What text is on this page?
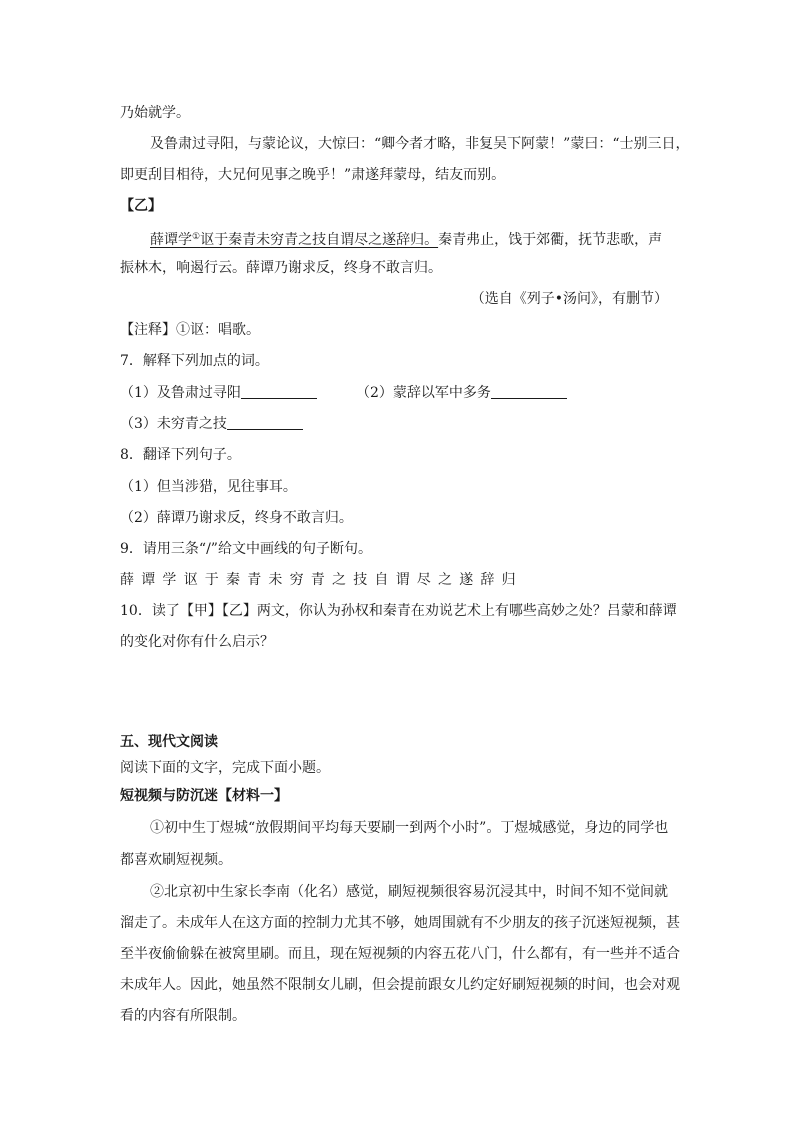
乃始就学。
及鲁肃过寻阳，与蒙论议，大惊曰：“卿今者才略，非复吴下阿蒙！”蒙曰：“士别三日，
即更刮目相待，大兄何见事之晚乎！”肃遂拜蒙母，结友而别。
【乙】
薛谭学①讴于秦青未穷青之技自谓尽之遂辞归。秦青弗止，饯于郊衢，抚节悲歌，声
振林木，响遏行云。薛谭乃谢求反，终身不敢言归。
（选自《列子•汤问》，有删节）
【注释】①讴：唱歌。
7．解释下列加点的词。
（1）及鲁肃过寻阳	（2）蒙辞以军中多务
（3）未穷青之技
8．翻译下列句子。
（1）但当涉猎，见往事耳。
（2）薛谭乃谢求反，终身不敢言归。
9．请用三条“/”给文中画线的句子断句。
薛谭学讴于秦青未穷青之技自谓尽之遂辞归
10．读了【甲】【乙】两文，你认为孙权和秦青在劝说艺术上有哪些高妙之处？吕蒙和薛谭
的变化对你有什么启示？
五、现代文阅读
阅读下面的文字，完成下面小题。
短视频与防沉迷【材料一】
①初中生丁煜城“放假期间平均每天要刷一到两个小时”。丁煜城感觉，身边的同学也
都喜欢刷短视频。
②北京初中生家长李南（化名）感觉，刷短视频很容易沉浸其中，时间不知不觉间就
溜走了。未成年人在这方面的控制力尤其不够，她周围就有不少朋友的孩子沉迷短视频，甚
至半夜偷偷躲在被窝里刷。而且，现在短视频的内容五花八门，什么都有，有一些并不适合
未成年人。因此，她虽然不限制女儿刷，但会提前跟女儿约定好刷短视频的时间，也会对观
看的内容有所限制。
